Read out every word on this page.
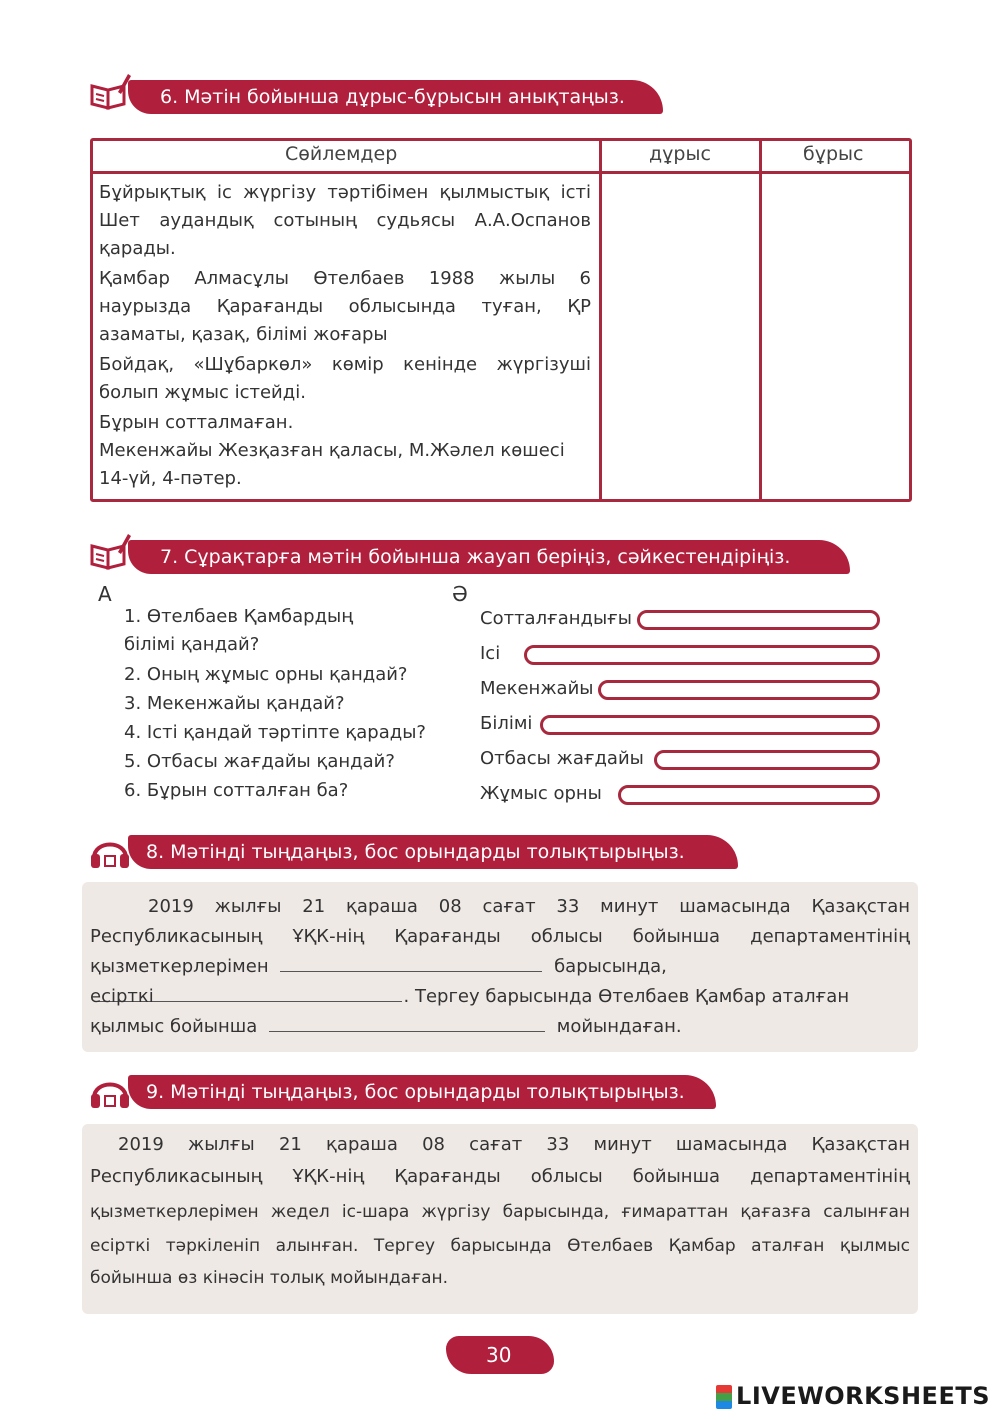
6. Мәтін бойынша дұрыс-бұрысын анықтаңыз.
Сөйлемдер	дұрыс	бұрыс
Бұйрықтық іс жүргізу тәртібімен қылмыстық істі
Шет аудандық сотының судьясы А.А.Оспанов
қарады.
Қамбар Алмасұлы Өтелбаев 1988 жылы 6
наурызда Қарағанды облысында туған, ҚР
азаматы, қазақ, білімі жоғары
Бойдақ, «Шұбаркөл» көмір кенінде жүргізуші
болып жұмыс істейді.
Бұрын сотталмаған.
Мекенжайы Жезқазған қаласы, М.Жәлел көшесі
14-үй, 4-пәтер.
7. Сұрақтарға мәтін бойынша жауап беріңіз, сәйкестендіріңіз.
А	Ә
1. Өтелбаев Қамбардың
білімі қандай?
2. Оның жұмыс орны қандай?
3. Мекенжайы қандай?
4. Істі қандай тәртіпте қарады?
5. Отбасы жағдайы қандай?
6. Бұрын сотталған ба?
Сотталғандығы
Ісі
Мекенжайы
Білімі
Отбасы жағдайы
Жұмыс орны
8. Мәтінді тыңдаңыз, бос орындарды толықтырыңыз.
2019 жылғы 21 қараша 08 сағат 33 минут шамасында Қазақстан
Республикасының ҰҚК-нің Қарағанды облысы бойынша департаментінің
қызметкерлерімен	барысында,
есірткі	. Тергеу барысында Өтелбаев Қамбар аталған
қылмыс бойынша	мойындаған.
9. Мәтінді тыңдаңыз, бос орындарды толықтырыңыз.
2019 жылғы 21 қараша 08 сағат 33 минут шамасында Қазақстан
Республикасының ҰҚК-нің Қарағанды облысы бойынша департаментінің
қызметкерлерімен жедел іс-шара жүргізу барысында, ғимараттан қағазға салынған
есірткі тәркіленіп алынған. Тергеу барысында Өтелбаев Қамбар аталған қылмыс
бойынша өз кінәсін толық мойындаған.
30
LIVEWORKSHEETS
